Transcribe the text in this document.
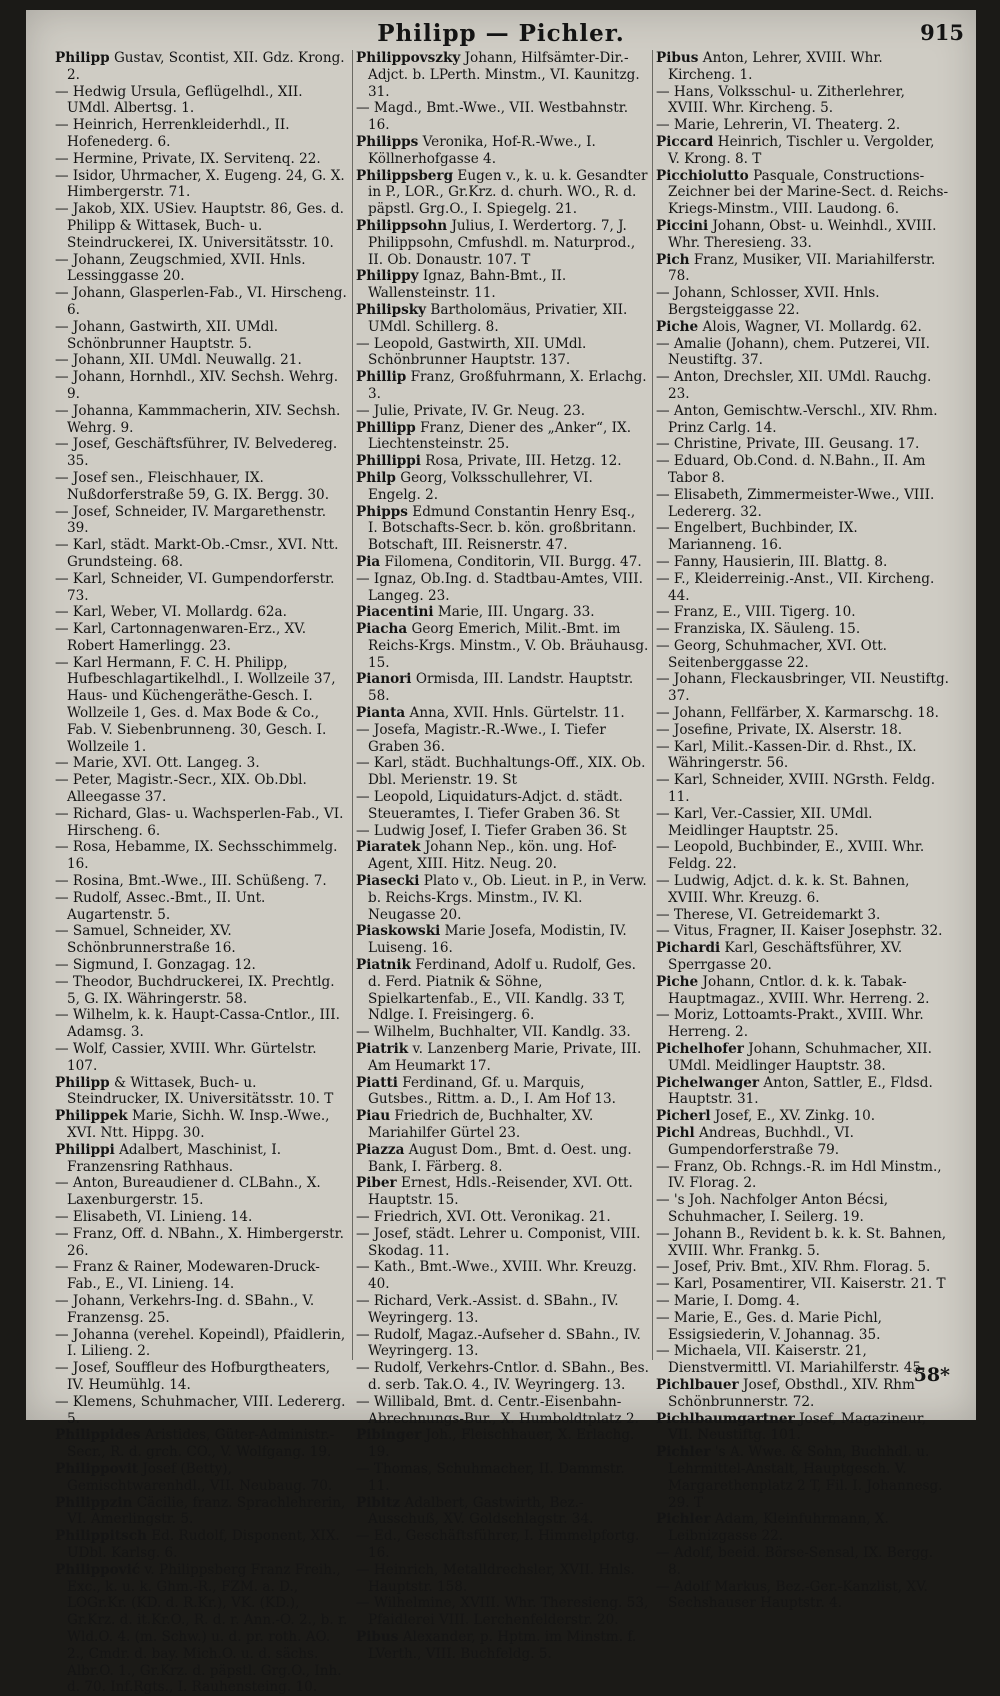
Philipp — Pichler.	915

Philipp Gustav, Scontist, XII. Gdz. Krong. 2.

— Hedwig Ursula, Geflügelhdl., XII. UMdl. Albertsg. 1.

— Heinrich, Herrenkleiderhdl., II. Hofenederg. 6.

— Hermine, Private, IX. Servitenq. 22.

— Isidor, Uhrmacher, X. Eugeng. 24, G. X. Himbergerstr. 71.

— Jakob, XIX. USiev. Hauptstr. 86, Ges. d. Philipp & Wittasek, Buch- u. Steindruckerei, IX. Universitätsstr. 10.

— Johann, Zeugschmied, XVII. Hnls. Lessinggasse 20.

— Johann, Glasperlen-Fab., VI. Hirscheng. 6.

— Johann, Gastwirth, XII. UMdl. Schönbrunner Hauptstr. 5.

— Johann, XII. UMdl. Neuwallg. 21.

— Johann, Hornhdl., XIV. Sechsh. Wehrg. 9.

— Johanna, Kammmacherin, XIV. Sechsh. Wehrg. 9.

— Josef, Geschäftsführer, IV. Belvedereg. 35.

— Josef sen., Fleischhauer, IX. Nußdorferstraße 59, G. IX. Bergg. 30.

— Josef, Schneider, IV. Margarethenstr. 39.

— Karl, städt. Markt-Ob.-Cmsr., XVI. Ntt. Grundsteing. 68.

— Karl, Schneider, VI. Gumpendorferstr. 73.

— Karl, Weber, VI. Mollardg. 62a.

— Karl, Cartonnagenwaren-Erz., XV. Robert Hamerlingg. 23.

— Karl Hermann, F. C. H. Philipp, Hufbeschlagartikelhdl., I. Wollzeile 37, Haus- und Küchengeräthe-Gesch. I. Wollzeile 1, Ges. d. Max Bode & Co., Fab. V. Siebenbrunneng. 30, Gesch. I. Wollzeile 1.

— Marie, XVI. Ott. Langeg. 3.

— Peter, Magistr.-Secr., XIX. Ob.Dbl. Alleegasse 37.

— Richard, Glas- u. Wachsperlen-Fab., VI. Hirscheng. 6.

— Rosa, Hebamme, IX. Sechsschimmelg. 16.

— Rosina, Bmt.-Wwe., III. Schüßeng. 7.

— Rudolf, Assec.-Bmt., II. Unt. Augartenstr. 5.

— Samuel, Schneider, XV. Schönbrunnerstraße 16.

— Sigmund, I. Gonzagag. 12.

— Theodor, Buchdruckerei, IX. Prechtlg. 5, G. IX. Währingerstr. 58.

— Wilhelm, k. k. Haupt-Cassa-Cntlor., III. Adamsg. 3.

— Wolf, Cassier, XVIII. Whr. Gürtelstr. 107.

Philipp & Wittasek, Buch- u. Steindrucker, IX. Universitätsstr. 10. T

Philippek Marie, Sichh. W. Insp.-Wwe., XVI. Ntt. Hippg. 30.

Philippi Adalbert, Maschinist, I. Franzensring Rathhaus.

— Anton, Bureaudiener d. CLBahn., X. Laxenburgerstr. 15.

— Elisabeth, VI. Linieng. 14.

— Franz, Off. d. NBahn., X. Himbergerstr. 26.

— Franz & Rainer, Modewaren-Druck-Fab., E., VI. Linieng. 14.

— Johann, Verkehrs-Ing. d. SBahn., V. Franzensg. 25.

— Johanna (verehel. Kopeindl), Pfaidlerin, I. Lilieng. 2.

— Josef, Souffleur des Hofburgtheaters, IV. Heumühlg. 14.

— Klemens, Schuhmacher, VIII. Ledererg. 5.

Philippides Aristides, Güter-Administr.-Secr., R. d. grch. CO., V. Wolfgang. 19.

Philippovit Josef (Betty), Gemischtwarenhdl., VII. Neubaug. 70.

Philippzin Cäcilie, franz. Sprachlehrerin, VI. Amerlingstr. 5.

Philippitsch Ed. Rudolf, Disponent, XIX. UDbl. Karlsg. 6.

Philippović v. Philippsberg Franz Freih., Exc., k. u. k. Ghm.-R., FZM. a. D., LOGr.Kr. (KD. d. R.Kr.), VK. (KD.), Gr.Krz. d. it.Kr.O., R. d. r. Ann.-O. 2., b. r. Wld.O. 4. (m. Schw.) u. d. pr. roth. AO. 2., Cmdr. d. bay. Mich.O. u. d. sächs. Albr.O. 1., Gr.Krz. d. päpstl. Grg.O., Inh. d. 70. Inf.Rgts., I. Rauhensteing. 10.

Philippovszky Johann, Hilfsämter-Dir.-Adjct. b. LPerth. Minstm., VI. Kaunitzg. 31.

— Magd., Bmt.-Wwe., VII. Westbahnstr. 16.

Philipps Veronika, Hof-R.-Wwe., I. Köllnerhofgasse 4.

Philippsberg Eugen v., k. u. k. Gesandter in P., LOR., Gr.Krz. d. churh. WO., R. d. päpstl. Grg.O., I. Spiegelg. 21.

Philippsohn Julius, I. Werdertorg. 7, J. Philippsohn, Cmfushdl. m. Naturprod., II. Ob. Donaustr. 107. T

Philippy Ignaz, Bahn-Bmt., II. Wallensteinstr. 11.

Philipsky Bartholomäus, Privatier, XII. UMdl. Schillerg. 8.

— Leopold, Gastwirth, XII. UMdl. Schönbrunner Hauptstr. 137.

Phillip Franz, Großfuhrmann, X. Erlachg. 3.

— Julie, Private, IV. Gr. Neug. 23.

Phillipp Franz, Diener des „Anker“, IX. Liechtensteinstr. 25.

Phillippi Rosa, Private, III. Hetzg. 12.

Philp Georg, Volksschullehrer, VI. Engelg. 2.

Phipps Edmund Constantin Henry Esq., I. Botschafts-Secr. b. kön. großbritann. Botschaft, III. Reisnerstr. 47.

Pia Filomena, Conditorin, VII. Burgg. 47.

— Ignaz, Ob.Ing. d. Stadtbau-Amtes, VIII. Langeg. 23.

Piacentini Marie, III. Ungarg. 33.

Piacha Georg Emerich, Milit.-Bmt. im Reichs-Krgs. Minstm., V. Ob. Bräuhausg. 15.

Pianori Ormisda, III. Landstr. Hauptstr. 58.

Pianta Anna, XVII. Hnls. Gürtelstr. 11.

— Josefa, Magistr.-R.-Wwe., I. Tiefer Graben 36.

— Karl, städt. Buchhaltungs-Off., XIX. Ob. Dbl. Merienstr. 19. St

— Leopold, Liquidaturs-Adjct. d. städt. Steueramtes, I. Tiefer Graben 36. St

— Ludwig Josef, I. Tiefer Graben 36. St

Piaratek Johann Nep., kön. ung. Hof-Agent, XIII. Hitz. Neug. 20.

Piasecki Plato v., Ob. Lieut. in P., in Verw. b. Reichs-Krgs. Minstm., IV. Kl. Neugasse 20.

Piaskowski Marie Josefa, Modistin, IV. Luiseng. 16.

Piatnik Ferdinand, Adolf u. Rudolf, Ges. d. Ferd. Piatnik & Söhne, Spielkartenfab., E., VII. Kandlg. 33 T, Ndlge. I. Freisingerg. 6.

— Wilhelm, Buchhalter, VII. Kandlg. 33.

Piatrik v. Lanzenberg Marie, Private, III. Am Heumarkt 17.

Piatti Ferdinand, Gf. u. Marquis, Gutsbes., Rittm. a. D., I. Am Hof 13.

Piau Friedrich de, Buchhalter, XV. Mariahilfer Gürtel 23.

Piazza August Dom., Bmt. d. Oest. ung. Bank, I. Färberg. 8.

Piber Ernest, Hdls.-Reisender, XVI. Ott. Hauptstr. 15.

— Friedrich, XVI. Ott. Veronikag. 21.

— Josef, städt. Lehrer u. Componist, VIII. Skodag. 11.

— Kath., Bmt.-Wwe., XVIII. Whr. Kreuzg. 40.

— Richard, Verk.-Assist. d. SBahn., IV. Weyringerg. 13.

— Rudolf, Magaz.-Aufseher d. SBahn., IV. Weyringerg. 13.

— Rudolf, Verkehrs-Cntlor. d. SBahn., Bes. d. serb. Tak.O. 4., IV. Weyringerg. 13.

— Willibald, Bmt. d. Centr.-Eisenbahn-Abrechnungs-Bur., X. Humboldtplatz 2.

Pibinger Joh., Fleischhauer, X. Erlachg. 19.

— Thomas, Schuhmacher, II. Dammstr. 11.

Pibitz Adalbert, Gastwirth, Bez.-Ausschuß, XV. Goldschlagstr. 34.

— Ed., Geschäftsführer, I. Himmelpfortg. 16.

— Heinrich, Metalldrechsler, XVII. Hnls. Hauptstr. 158.

— Wilhelmine, XVIII. Whr. Theresieng. 53, Pfaidlerei VIII. Lerchenfelderstr. 20.

Pibus Alexander, p. Hptm. im Minstm. f. LVerth., VIII. Buchfeldg. 5.

Pibus Anton, Lehrer, XVIII. Whr. Kircheng. 1.

— Hans, Volksschul- u. Zitherlehrer, XVIII. Whr. Kircheng. 5.

— Marie, Lehrerin, VI. Theaterg. 2.

Piccard Heinrich, Tischler u. Vergolder, V. Krong. 8. T

Picchiolutto Pasquale, Constructions-Zeichner bei der Marine-Sect. d. Reichs-Kriegs-Minstm., VIII. Laudong. 6.

Piccini Johann, Obst- u. Weinhdl., XVIII. Whr. Theresieng. 33.

Pich Franz, Musiker, VII. Mariahilferstr. 78.

— Johann, Schlosser, XVII. Hnls. Bergsteiggasse 22.

Piche Alois, Wagner, VI. Mollardg. 62.

— Amalie (Johann), chem. Putzerei, VII. Neustiftg. 37.

— Anton, Drechsler, XII. UMdl. Rauchg. 23.

— Anton, Gemischtw.-Verschl., XIV. Rhm. Prinz Carlg. 14.

— Christine, Private, III. Geusang. 17.

— Eduard, Ob.Cond. d. N.Bahn., II. Am Tabor 8.

— Elisabeth, Zimmermeister-Wwe., VIII. Ledererg. 32.

— Engelbert, Buchbinder, IX. Marianneng. 16.

— Fanny, Hausierin, III. Blattg. 8.

— F., Kleiderreinig.-Anst., VII. Kircheng. 44.

— Franz, E., VIII. Tigerg. 10.

— Franziska, IX. Säuleng. 15.

— Georg, Schuhmacher, XVI. Ott. Seitenberggasse 22.

— Johann, Fleckausbringer, VII. Neustiftg. 37.

— Johann, Fellfärber, X. Karmarschg. 18.

— Josefine, Private, IX. Alserstr. 18.

— Karl, Milit.-Kassen-Dir. d. Rhst., IX. Währingerstr. 56.

— Karl, Schneider, XVIII. NGrsth. Feldg. 11.

— Karl, Ver.-Cassier, XII. UMdl. Meidlinger Hauptstr. 25.

— Leopold, Buchbinder, E., XVIII. Whr. Feldg. 22.

— Ludwig, Adjct. d. k. k. St. Bahnen, XVIII. Whr. Kreuzg. 6.

— Therese, VI. Getreidemarkt 3.

— Vitus, Fragner, II. Kaiser Josephstr. 32.

Pichardi Karl, Geschäftsführer, XV. Sperrgasse 20.

Piche Johann, Cntlor. d. k. k. Tabak-Hauptmagaz., XVIII. Whr. Herreng. 2.

— Moriz, Lottoamts-Prakt., XVIII. Whr. Herreng. 2.

Pichelhofer Johann, Schuhmacher, XII. UMdl. Meidlinger Hauptstr. 38.

Pichelwanger Anton, Sattler, E., Fldsd. Hauptstr. 31.

Picherl Josef, E., XV. Zinkg. 10.

Pichl Andreas, Buchhdl., VI. Gumpendorferstraße 79.

— Franz, Ob. Rchngs.-R. im Hdl Minstm., IV. Florag. 2.

— 's Joh. Nachfolger Anton Bécsi, Schuhmacher, I. Seilerg. 19.

— Johann B., Revident b. k. k. St. Bahnen, XVIII. Whr. Frankg. 5.

— Josef, Priv. Bmt., XIV. Rhm. Florag. 5.

— Karl, Posamentirer, VII. Kaiserstr. 21. T

— Marie, I. Domg. 4.

— Marie, E., Ges. d. Marie Pichl, Essigsiederin, V. Johannag. 35.

— Michaela, VII. Kaiserstr. 21, Dienstvermittl. VI. Mariahilferstr. 45.

Pichlbauer Josef, Obsthdl., XIV. Rhm Schönbrunnerstr. 72.

Pichlbaumgartner Josef, Magazineur, VII. Neustiftg. 101.

Pichler 's A. Wwe. & Sohn, Buchhdl. u. Lehrmittel-Anstalt, Hauptgesch. V. Margarethenplatz 2 T, Fil. I. Johannesg. 29. T

Pichler Adam, Kleinfuhrmann, X. Leibnizgasse 22.

— Adolf, beeid. Börse-Sensal, IX. Bergg. 8.

— Adolf Markus, Bez.-Ger.-Kanzlist, XV. Sechshauser Hauptstr. 4.

58*
